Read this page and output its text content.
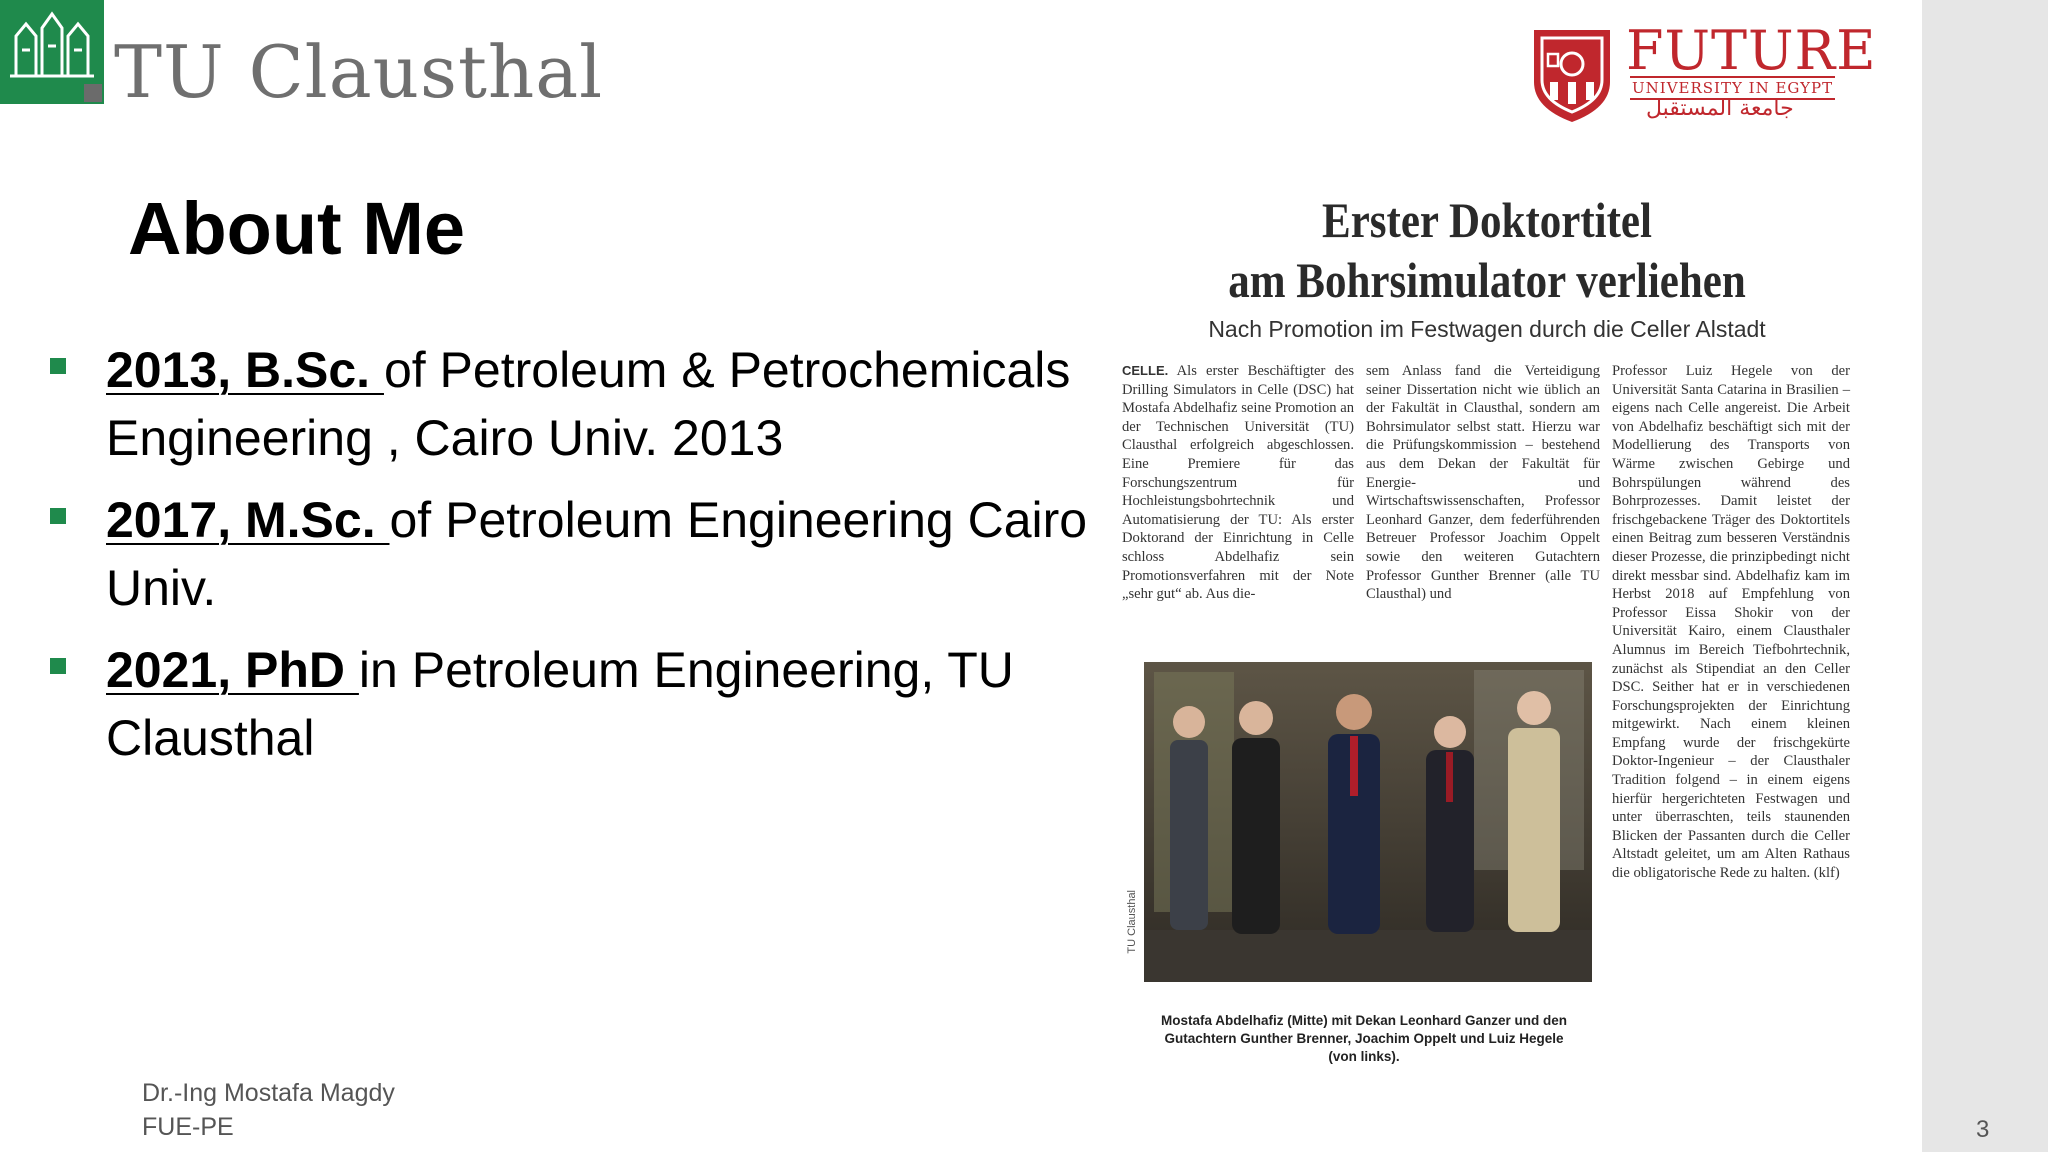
3
TU Clausthal	FUTURE
UNIVERSITY IN EGYPT
جامعة المستقبل
About Me
2013, B.Sc. of Petroleum & Petrochemicals Engineering , Cairo Univ. 2013
2017, M.Sc. of Petroleum Engineering Cairo Univ.
2021, PhD in Petroleum Engineering, TU Clausthal
Erster Doktortitel
am Bohrsimulator verliehen
Nach Promotion im Festwagen durch die Celler Alstadt
CELLE. Als erster Beschäftigter des Drilling Simulators in Celle (DSC) hat Mostafa Abdelhafiz seine Promotion an der Technischen Universität (TU) Clausthal erfolgreich abgeschlossen. Eine Premiere für das Forschungszentrum für Hochleistungsbohrtechnik und Automatisierung der TU: Als erster Doktorand der Einrichtung in Celle schloss Abdelhafiz sein Promotionsverfahren mit der Note „sehr gut“ ab. Aus die-
sem Anlass fand die Verteidigung seiner Dissertation nicht wie üblich an der Fakultät in Clausthal, sondern am Bohrsimulator selbst statt. Hierzu war die Prüfungskommission – bestehend aus dem Dekan der Fakultät für Energie- und Wirtschaftswissenschaften, Professor Leonhard Ganzer, dem federführenden Betreuer Professor Joachim Oppelt sowie den weiteren Gutachtern Professor Gunther Brenner (alle TU Clausthal) und
Professor Luiz Hegele von der Universität Santa Catarina in Brasilien – eigens nach Celle angereist. Die Arbeit von Abdelhafiz beschäftigt sich mit der Modellierung des Transports von Wärme zwischen Gebirge und Bohrspülungen während des Bohrprozesses. Damit leistet der frischgebackene Träger des Doktortitels einen Beitrag zum besseren Verständnis dieser Prozesse, die prinzipbedingt nicht direkt messbar sind. Abdelhafiz kam im Herbst 2018 auf Empfehlung von Professor Eissa Shokir von der Universität Kairo, einem Clausthaler Alumnus im Bereich Tiefbohrtechnik, zunächst als Stipendiat an den Celler DSC. Seither hat er in verschiedenen Forschungsprojekten der Einrichtung mitgewirkt. Nach einem kleinen Empfang wurde der frischgekürte Doktor-Ingenieur – der Clausthaler Tradition folgend – in einem eigens hierfür hergerichteten Festwagen und unter überraschten, teils staunenden Blicken der Passanten durch die Celler Altstadt geleitet, um am Alten Rathaus die obligatorische Rede zu halten. (klf)
TU Clausthal
Mostafa Abdelhafiz (Mitte) mit Dekan Leonhard Ganzer und den Gutachtern Gunther Brenner, Joachim Oppelt und Luiz Hegele (von links).
Dr.-Ing Mostafa Magdy
FUE-PE
